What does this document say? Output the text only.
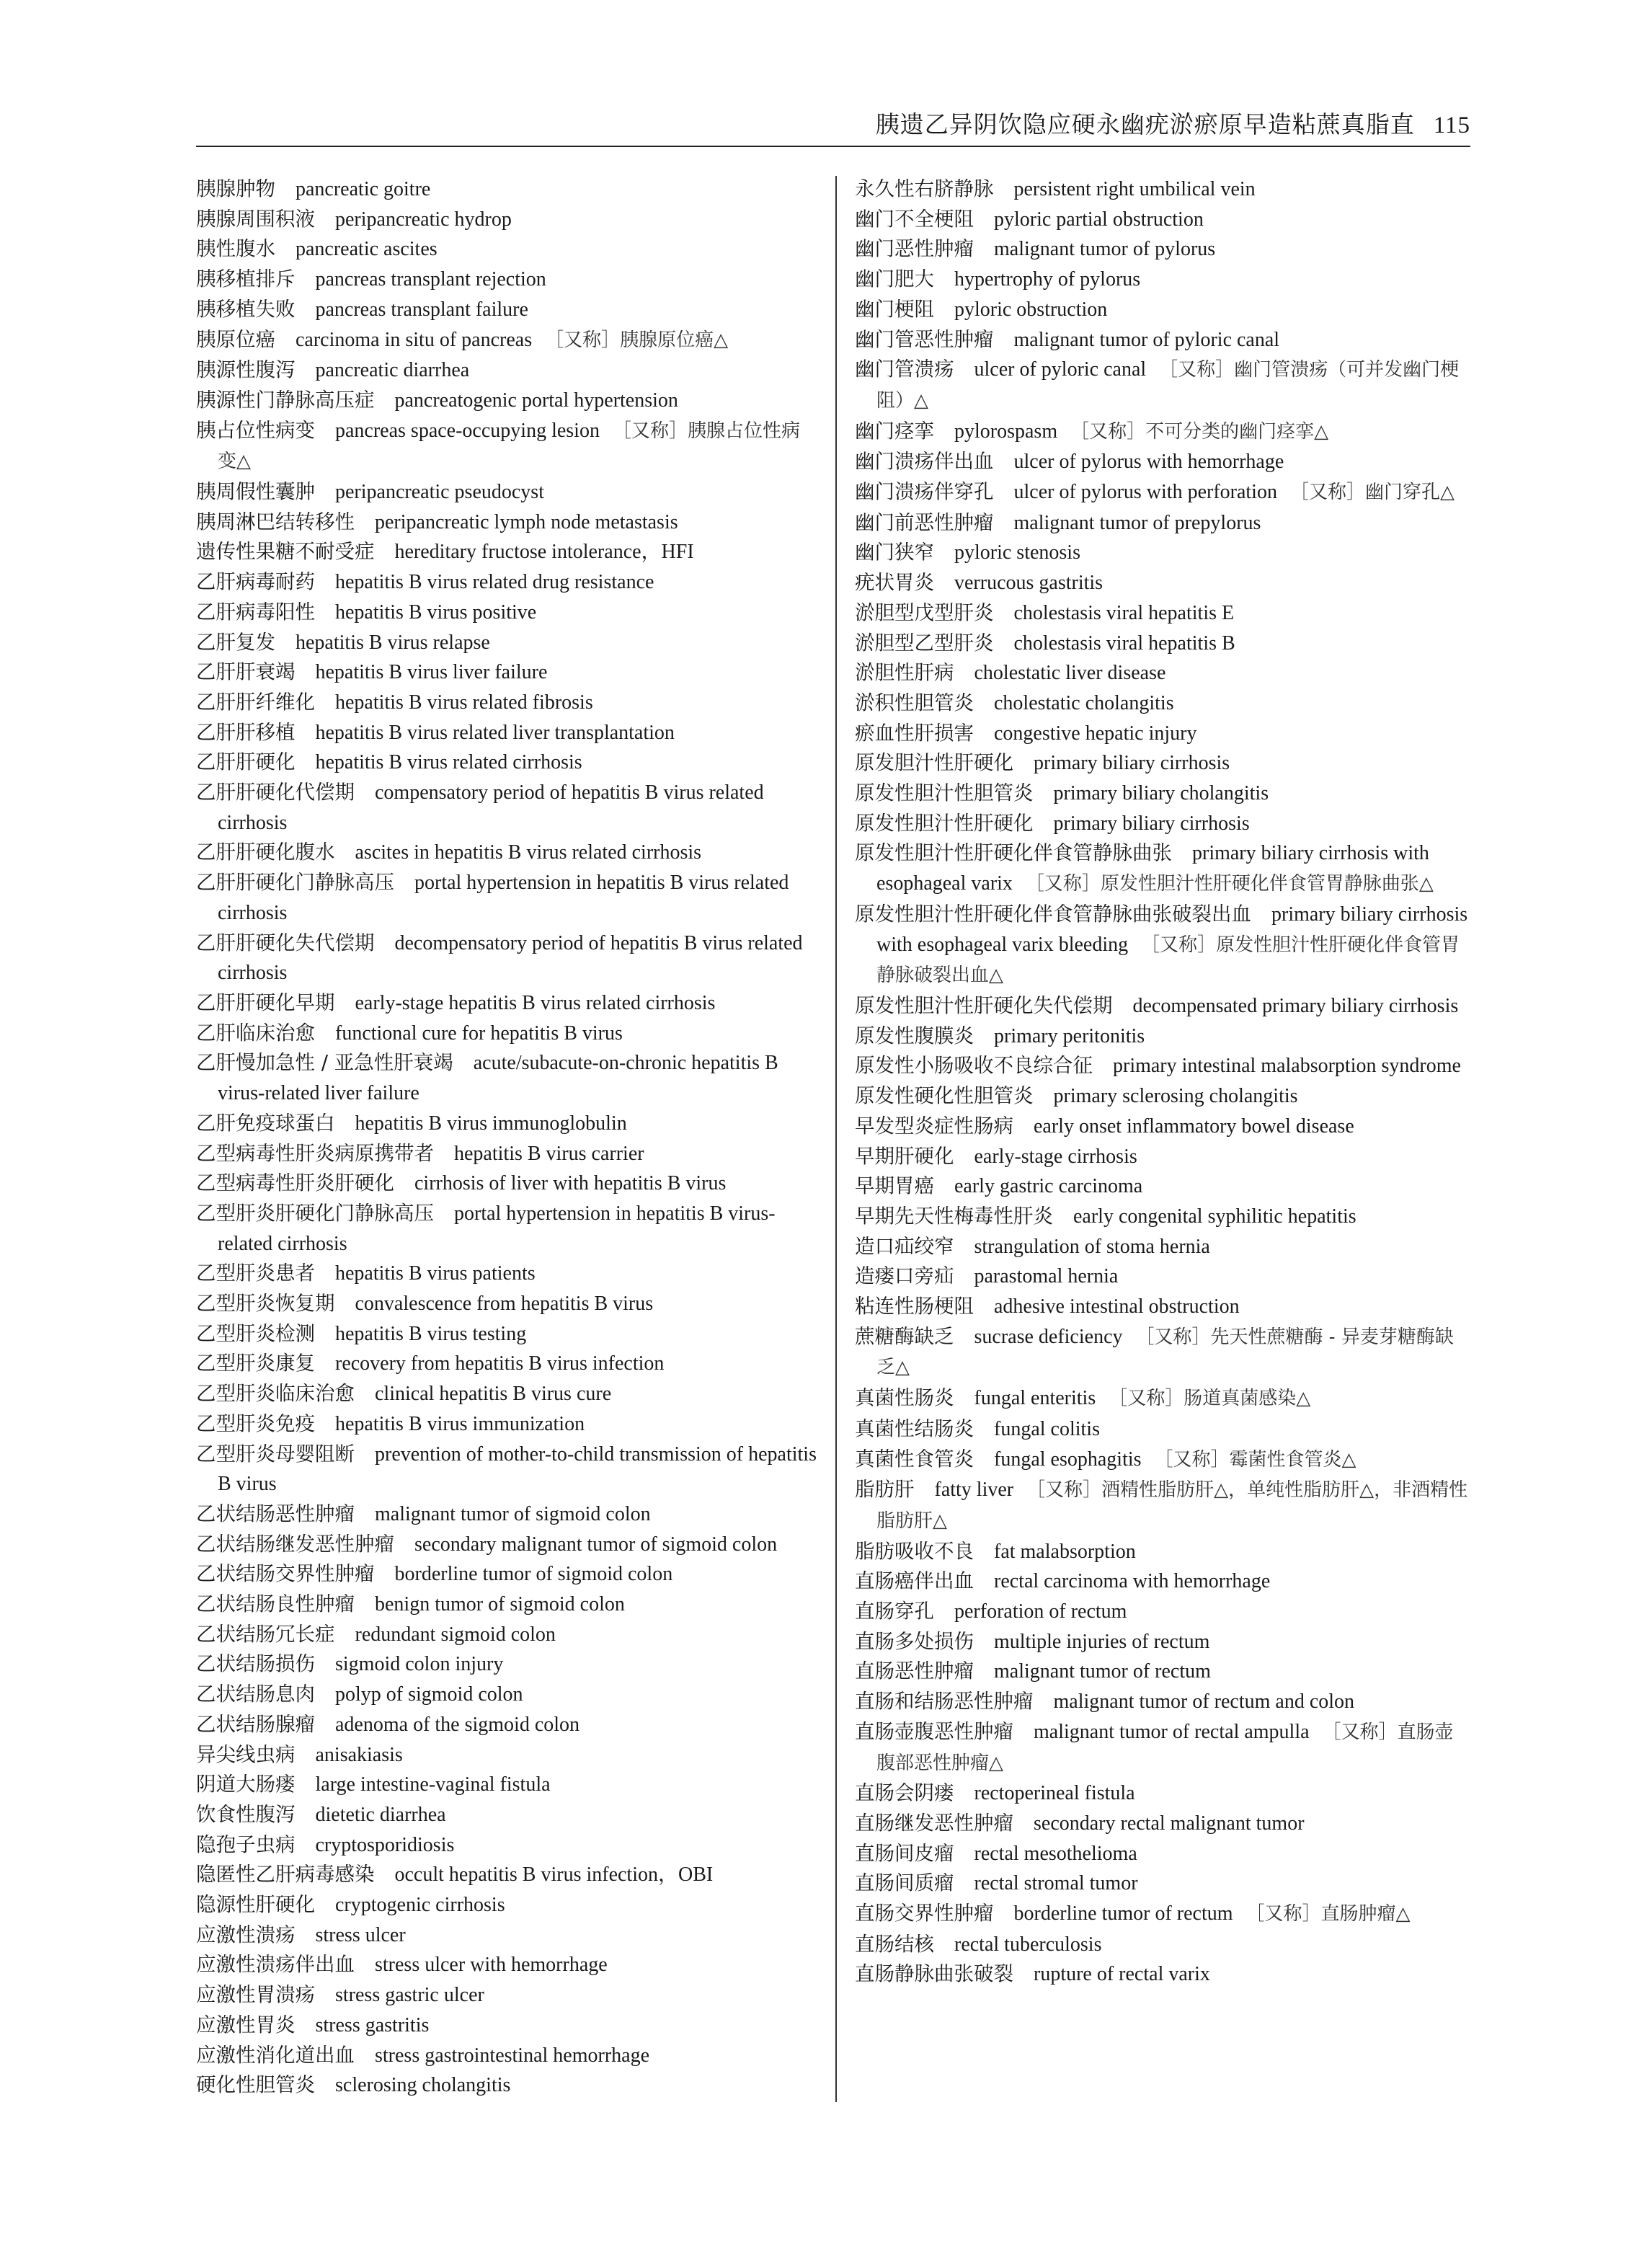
胰遗乙异阴饮隐应硬永幽疣淤瘀原早造粘蔗真脂直 115
胰腺肿物 pancreatic goitre
胰腺周围积液 peripancreatic hydrop
胰性腹水 pancreatic ascites
胰移植排斥 pancreas transplant rejection
胰移植失败 pancreas transplant failure
胰原位癌 carcinoma in situ of pancreas ［又称］胰腺原位癌△
胰源性腹泻 pancreatic diarrhea
胰源性门静脉高压症 pancreatogenic portal hypertension
胰占位性病变 pancreas space-occupying lesion ［又称］胰腺占位性病变△
胰周假性囊肿 peripancreatic pseudocyst
胰周淋巴结转移性 peripancreatic lymph node metastasis
遗传性果糖不耐受症 hereditary fructose intolerance，HFI
乙肝病毒耐药 hepatitis B virus related drug resistance
乙肝病毒阳性 hepatitis B virus positive
乙肝复发 hepatitis B virus relapse
乙肝肝衰竭 hepatitis B virus liver failure
乙肝肝纤维化 hepatitis B virus related fibrosis
乙肝肝移植 hepatitis B virus related liver transplantation
乙肝肝硬化 hepatitis B virus related cirrhosis
乙肝肝硬化代偿期 compensatory period of hepatitis B virus related cirrhosis
乙肝肝硬化腹水 ascites in hepatitis B virus related cirrhosis
乙肝肝硬化门静脉高压 portal hypertension in hepatitis B virus related cirrhosis
乙肝肝硬化失代偿期 decompensatory period of hepatitis B virus related cirrhosis
乙肝肝硬化早期 early-stage hepatitis B virus related cirrhosis
乙肝临床治愈 functional cure for hepatitis B virus
乙肝慢加急性 / 亚急性肝衰竭 acute/subacute-on-chronic hepatitis B virus-related liver failure
乙肝免疫球蛋白 hepatitis B virus immunoglobulin
乙型病毒性肝炎病原携带者 hepatitis B virus carrier
乙型病毒性肝炎肝硬化 cirrhosis of liver with hepatitis B virus
乙型肝炎肝硬化门静脉高压 portal hypertension in hepatitis B virus-related cirrhosis
乙型肝炎患者 hepatitis B virus patients
乙型肝炎恢复期 convalescence from hepatitis B virus
乙型肝炎检测 hepatitis B virus testing
乙型肝炎康复 recovery from hepatitis B virus infection
乙型肝炎临床治愈 clinical hepatitis B virus cure
乙型肝炎免疫 hepatitis B virus immunization
乙型肝炎母婴阻断 prevention of mother-to-child transmission of hepatitis B virus
乙状结肠恶性肿瘤 malignant tumor of sigmoid colon
乙状结肠继发恶性肿瘤 secondary malignant tumor of sigmoid colon
乙状结肠交界性肿瘤 borderline tumor of sigmoid colon
乙状结肠良性肿瘤 benign tumor of sigmoid colon
乙状结肠冗长症 redundant sigmoid colon
乙状结肠损伤 sigmoid colon injury
乙状结肠息肉 polyp of sigmoid colon
乙状结肠腺瘤 adenoma of the sigmoid colon
异尖线虫病 anisakiasis
阴道大肠瘘 large intestine-vaginal fistula
饮食性腹泻 dietetic diarrhea
隐孢子虫病 cryptosporidiosis
隐匿性乙肝病毒感染 occult hepatitis B virus infection，OBI
隐源性肝硬化 cryptogenic cirrhosis
应激性溃疡 stress ulcer
应激性溃疡伴出血 stress ulcer with hemorrhage
应激性胃溃疡 stress gastric ulcer
应激性胃炎 stress gastritis
应激性消化道出血 stress gastrointestinal hemorrhage
硬化性胆管炎 sclerosing cholangitis
永久性右脐静脉 persistent right umbilical vein
幽门不全梗阻 pyloric partial obstruction
幽门恶性肿瘤 malignant tumor of pylorus
幽门肥大 hypertrophy of pylorus
幽门梗阻 pyloric obstruction
幽门管恶性肿瘤 malignant tumor of pyloric canal
幽门管溃疡 ulcer of pyloric canal ［又称］幽门管溃疡（可并发幽门梗阻）△
幽门痉挛 pylorospasm ［又称］不可分类的幽门痉挛△
幽门溃疡伴出血 ulcer of pylorus with hemorrhage
幽门溃疡伴穿孔 ulcer of pylorus with perforation ［又称］幽门穿孔△
幽门前恶性肿瘤 malignant tumor of prepylorus
幽门狭窄 pyloric stenosis
疣状胃炎 verrucous gastritis
淤胆型戊型肝炎 cholestasis viral hepatitis E
淤胆型乙型肝炎 cholestasis viral hepatitis B
淤胆性肝病 cholestatic liver disease
淤积性胆管炎 cholestatic cholangitis
瘀血性肝损害 congestive hepatic injury
原发胆汁性肝硬化 primary biliary cirrhosis
原发性胆汁性胆管炎 primary biliary cholangitis
原发性胆汁性肝硬化 primary biliary cirrhosis
原发性胆汁性肝硬化伴食管静脉曲张 primary biliary cirrhosis with esophageal varix ［又称］原发性胆汁性肝硬化伴食管胃静脉曲张△
原发性胆汁性肝硬化伴食管静脉曲张破裂出血 primary biliary cirrhosis with esophageal varix bleeding ［又称］原发性胆汁性肝硬化伴食管胃静脉破裂出血△
原发性胆汁性肝硬化失代偿期 decompensated primary biliary cirrhosis
原发性腹膜炎 primary peritonitis
原发性小肠吸收不良综合征 primary intestinal malabsorption syndrome
原发性硬化性胆管炎 primary sclerosing cholangitis
早发型炎症性肠病 early onset inflammatory bowel disease
早期肝硬化 early-stage cirrhosis
早期胃癌 early gastric carcinoma
早期先天性梅毒性肝炎 early congenital syphilitic hepatitis
造口疝绞窄 strangulation of stoma hernia
造瘘口旁疝 parastomal hernia
粘连性肠梗阻 adhesive intestinal obstruction
蔗糖酶缺乏 sucrase deficiency ［又称］先天性蔗糖酶 - 异麦芽糖酶缺乏△
真菌性肠炎 fungal enteritis ［又称］肠道真菌感染△
真菌性结肠炎 fungal colitis
真菌性食管炎 fungal esophagitis ［又称］霉菌性食管炎△
脂肪肝 fatty liver ［又称］酒精性脂肪肝△，单纯性脂肪肝△，非酒精性脂肪肝△
脂肪吸收不良 fat malabsorption
直肠癌伴出血 rectal carcinoma with hemorrhage
直肠穿孔 perforation of rectum
直肠多处损伤 multiple injuries of rectum
直肠恶性肿瘤 malignant tumor of rectum
直肠和结肠恶性肿瘤 malignant tumor of rectum and colon
直肠壶腹恶性肿瘤 malignant tumor of rectal ampulla ［又称］直肠壶腹部恶性肿瘤△
直肠会阴瘘 rectoperineal fistula
直肠继发恶性肿瘤 secondary rectal malignant tumor
直肠间皮瘤 rectal mesothelioma
直肠间质瘤 rectal stromal tumor
直肠交界性肿瘤 borderline tumor of rectum ［又称］直肠肿瘤△
直肠结核 rectal tuberculosis
直肠静脉曲张破裂 rupture of rectal varix
